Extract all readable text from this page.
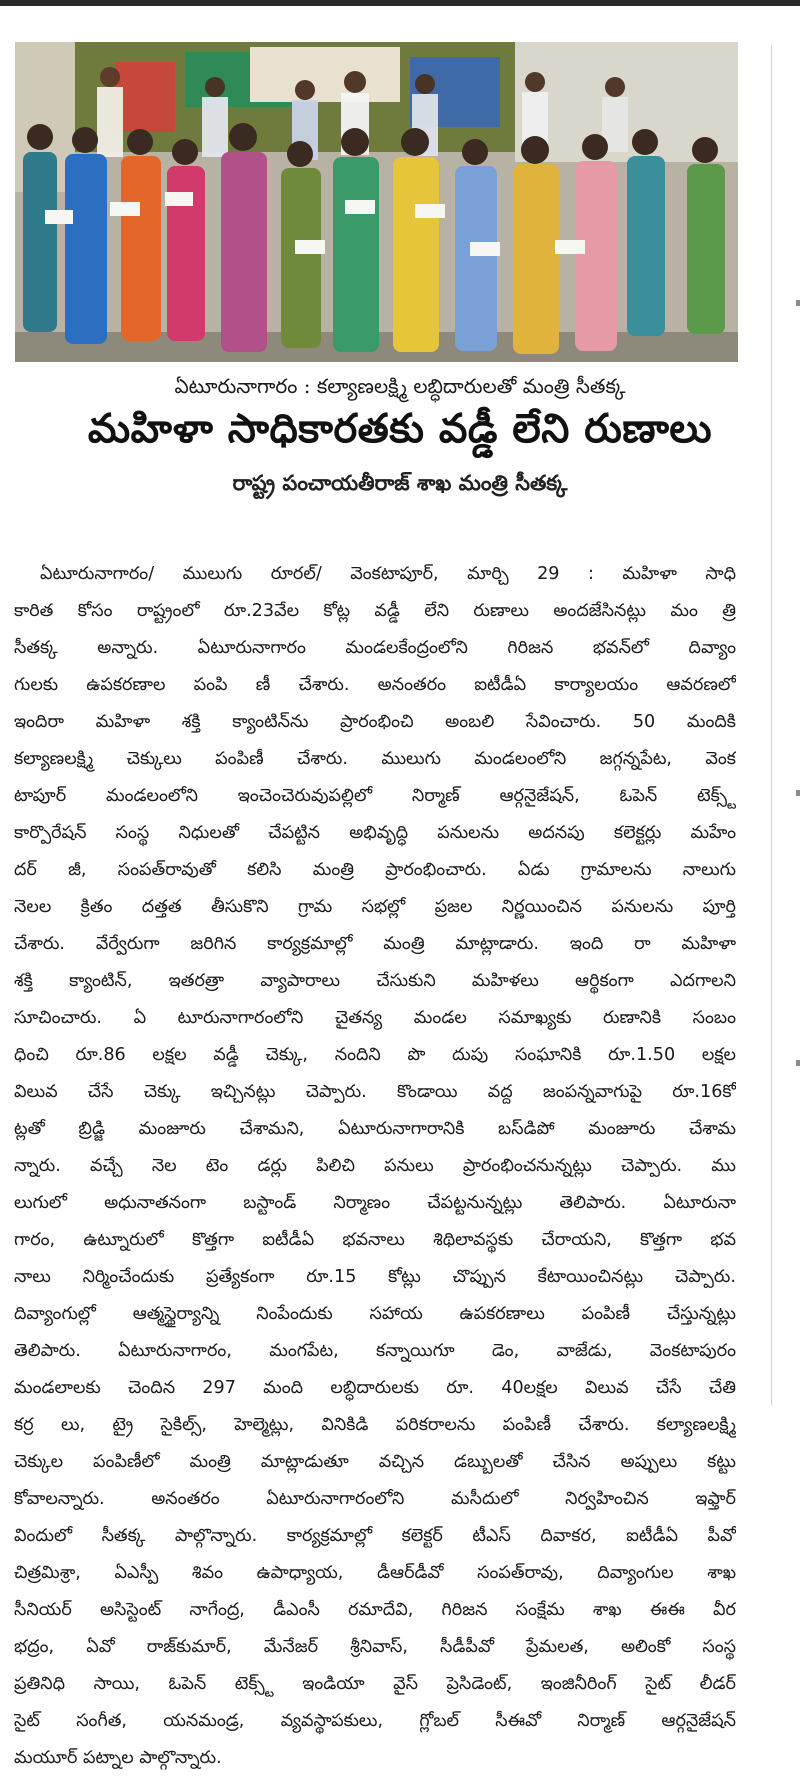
ఏటూరునాగారం : కల్యాణలక్ష్మి లబ్ధిదారులతో మంత్రి సీతక్క
మహిళా సాధికారతకు వడ్డీ లేని రుణాలు
రాష్ట్ర పంచాయతీరాజ్ శాఖ మంత్రి సీతక్క
ఏటూరునాగారం/ ములుగు రూరల్/ వెంకటాపూర్, మార్చి 29 : మహిళా సాధి
కారిత కోసం రాష్ట్రంలో రూ.23వేల కోట్ల వడ్డీ లేని రుణాలు అందజేసినట్లు మం త్రి
సీతక్క అన్నారు. ఏటూరునాగారం మండలకేంద్రంలోని గిరిజన భవన్‌లో దివ్యాం
గులకు ఉపకరణాల పంపి ణీ చేశారు. అనంతరం ఐటీడీఏ కార్యాలయం ఆవరణలో
ఇందిరా మహిళా శక్తి క్యాంటిన్‌ను ప్రారంభించి అంబలి సేవించారు. 50 మందికి
కల్యాణలక్ష్మి చెక్కులు పంపిణీ చేశారు. ములుగు మండలంలోని జగ్గన్నపేట, వెంక
టాపూర్ మండలంలోని ఇంచెంచెరువుపల్లిలో నిర్మాణ్ ఆర్గనైజేషన్, ఓపెన్ టెక్స్ట్
కార్పొరేషన్ సంస్థ నిధులతో చేపట్టిన అభివృద్ధి పనులను అదనపు కలెక్టర్లు మహేం
దర్ జీ, సంపత్‌రావుతో కలిసి మంత్రి ప్రారంభించారు. ఏడు గ్రామాలను నాలుగు
నెలల క్రితం దత్తత తీసుకొని గ్రామ సభల్లో ప్రజల నిర్ణయించిన పనులను పూర్తి
చేశారు. వేర్వేరుగా జరిగిన కార్యక్రమాల్లో మంత్రి మాట్లాడారు. ఇంది రా మహిళా
శక్తి క్యాంటిన్, ఇతరత్రా వ్యాపారాలు చేసుకుని మహిళలు ఆర్థికంగా ఎదగాలని
సూచించారు. ఏ టూరునాగారంలోని చైతన్య మండల సమాఖ్యకు రుణానికి సంబం
ధించి రూ.86 లక్షల వడ్డీ చెక్కు, నందిని పొ దుపు సంఘానికి రూ.1.50 లక్షల
విలువ చేసే చెక్కు ఇచ్చినట్లు చెప్పారు. కొండాయి వద్ద జంపన్నవాగుపై రూ.16కో
ట్లతో బ్రిడ్జి మంజూరు చేశామని, ఏటూరునాగారానికి బస్‌డిపో మంజూరు చేశామ
న్నారు. వచ్చే నెల టెం డర్లు పిలిచి పనులు ప్రారంభించనున్నట్లు చెప్పారు. ము
లుగులో అధునాతనంగా బస్టాండ్ నిర్మాణం చేపట్టనున్నట్లు తెలిపారు. ఏటూరునా
గారం, ఉట్నూరులో కొత్తగా ఐటీడీఏ భవనాలు శిథిలావస్థకు చేరాయని, కొత్తగా భవ
నాలు నిర్మించేందుకు ప్రత్యేకంగా రూ.15 కోట్లు చొప్పున కేటాయించినట్లు చెప్పారు.
దివ్యాంగుల్లో ఆత్మస్థైర్యాన్ని నింపేందుకు సహాయ ఉపకరణాలు పంపిణీ చేస్తున్నట్లు
తెలిపారు. ఏటూరునాగారం, మంగపేట, కన్నాయిగూ డెం, వాజేడు, వెంకటాపురం
మండలాలకు చెందిన 297 మంది లబ్ధిదారులకు రూ. 40లక్షల విలువ చేసే చేతి
కర్ర లు, ట్రై సైకిల్స్, హెల్మెట్లు, వినికిడి పరికరాలను పంపిణీ చేశారు. కల్యాణలక్ష్మి
చెక్కుల పంపిణీలో మంత్రి మాట్లాడుతూ వచ్చిన డబ్బులతో చేసిన అప్పులు కట్టు
కోవాలన్నారు. అనంతరం ఏటూరునాగారంలోని మసీదులో నిర్వహించిన ఇఫ్తార్
విందులో సీతక్క పాల్గొన్నారు. కార్యక్రమాల్లో కలెక్టర్ టీఎస్ దివాకర, ఐటీడీఏ పీవో
చిత్రమిశ్రా, ఏఎస్పీ శివం ఉపాధ్యాయ, డీఆర్‌డీవో సంపత్‌రావు, దివ్యాంగుల శాఖ
సీనియర్ అసిస్టెంట్ నాగేంద్ర, డీఎంసీ రమాదేవి, గిరిజన సంక్షేమ శాఖ ఈఈ వీర
భద్రం, ఏవో రాజ్‌కుమార్, మేనేజర్ శ్రీనివాస్, సీడీపీవో ప్రేమలత, అలింకో సంస్థ
ప్రతినిధి సాయి, ఓపెన్ టెక్స్ట్ ఇండియా వైస్ ప్రెసిడెంట్, ఇంజినీరింగ్ సైట్ లీడర్
సైట్ సంగీత, యనమండ్ర, వ్యవస్థాపకులు, గ్లోబల్ సీఈవో నిర్మాణ్ ఆర్గనైజేషన్
మయూర్ పట్నాల పాల్గొన్నారు.
